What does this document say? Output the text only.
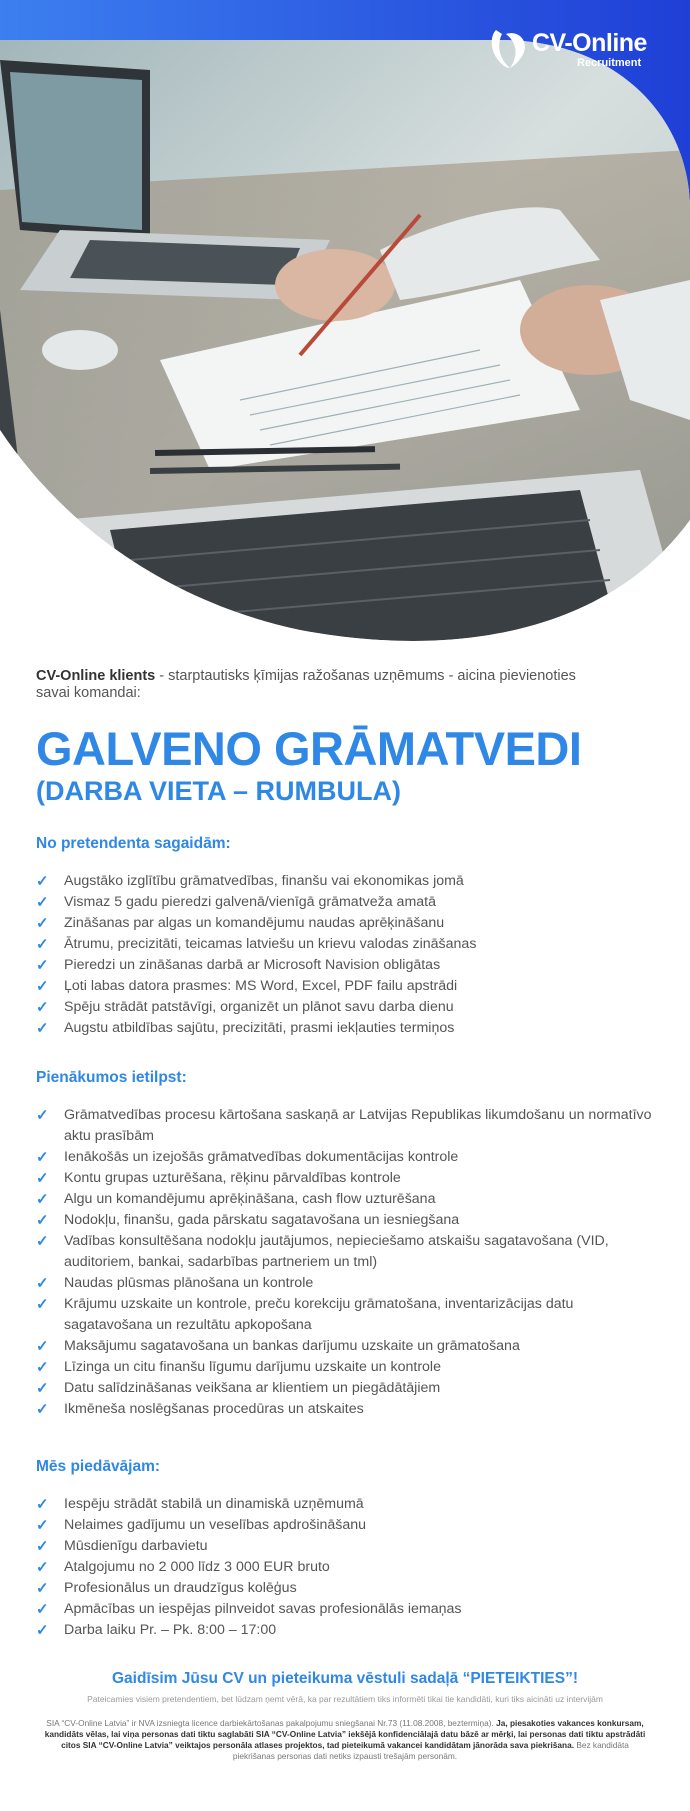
CV-Online
Recruitment
CV-Online klients - starptautisks ķīmijas ražošanas uzņēmums - aicina pievienoties savai komandai:
GALVENO GRĀMATVEDI
(DARBA VIETA – RUMBULA)
No pretendenta sagaidām:
✓ Augstāko izglītību grāmatvedības, finanšu vai ekonomikas jomā
✓ Vismaz 5 gadu pieredzi galvenā/vienīgā grāmatveža amatā
✓ Zināšanas par algas un komandējumu naudas aprēķināšanu
✓ Ātrumu, precizitāti, teicamas latviešu un krievu valodas zināšanas
✓ Pieredzi un zināšanas darbā ar Microsoft Navision obligātas
✓ Ļoti labas datora prasmes: MS Word, Excel, PDF failu apstrādi
✓ Spēju strādāt patstāvīgi, organizēt un plānot savu darba dienu
✓ Augstu atbildības sajūtu, precizitāti, prasmi iekļauties termiņos
Pienākumos ietilpst:
✓ Grāmatvedības procesu kārtošana saskaņā ar Latvijas Republikas likumdošanu un normatīvo aktu prasībām
✓ Ienākošās un izejošās grāmatvedības dokumentācijas kontrole
✓ Kontu grupas uzturēšana, rēķinu pārvaldības kontrole
✓ Algu un komandējumu aprēķināšana, cash flow uzturēšana
✓ Nodokļu, finanšu, gada pārskatu sagatavošana un iesniegšana
✓ Vadības konsultēšana nodokļu jautājumos, nepieciešamo atskaišu sagatavošana (VID, auditoriem, bankai, sadarbības partneriem un tml)
✓ Naudas plūsmas plānošana un kontrole
✓ Krājumu uzskaite un kontrole, preču korekciju grāmatošana, inventarizācijas datu sagatavošana un rezultātu apkopošana
✓ Maksājumu sagatavošana un bankas darījumu uzskaite un grāmatošana
✓ Līzinga un citu finanšu līgumu darījumu uzskaite un kontrole
✓ Datu salīdzināšanas veikšana ar klientiem un piegādātājiem
✓ Ikmēneša noslēgšanas procedūras un atskaites
Mēs piedāvājam:
✓ Iespēju strādāt stabilā un dinamiskā uzņēmumā
✓ Nelaimes gadījumu un veselības apdrošināšanu
✓ Mūsdienīgu darbavietu
✓ Atalgojumu no 2 000 līdz 3 000 EUR bruto
✓ Profesionālus un draudzīgus kolēģus
✓ Apmācības un iespējas pilnveidot savas profesionālās iemaņas
✓ Darba laiku Pr. – Pk. 8:00 – 17:00
Gaidīsim Jūsu CV un pieteikuma vēstuli sadaļā “PIETEIKTIES”!
Pateicamies visiem pretendentiem, bet lūdzam ņemt vērā, ka par rezultātiem tiks informēti tikai tie kandidāti, kuri tiks aicināti uz intervijām
SIA “CV-Online Latvia” ir NVA izsniegta licence darbiekārtošanas pakalpojumu sniegšanai Nr.73 (11.08.2008, beztermiņa). Ja, piesakoties vakances konkursam, kandidāts vēlas, lai viņa personas dati tiktu saglabāti SIA “CV-Online Latvia” iekšējā konfidenciālajā datu bāzē ar mērķi, lai personas dati tiktu apstrādāti citos SIA “CV-Online Latvia” veiktajos personāla atlases projektos, tad pieteikumā vakancei kandidātam jānorāda sava piekrišana. Bez kandidāta piekrišanas personas dati netiks izpausti trešajām personām.
